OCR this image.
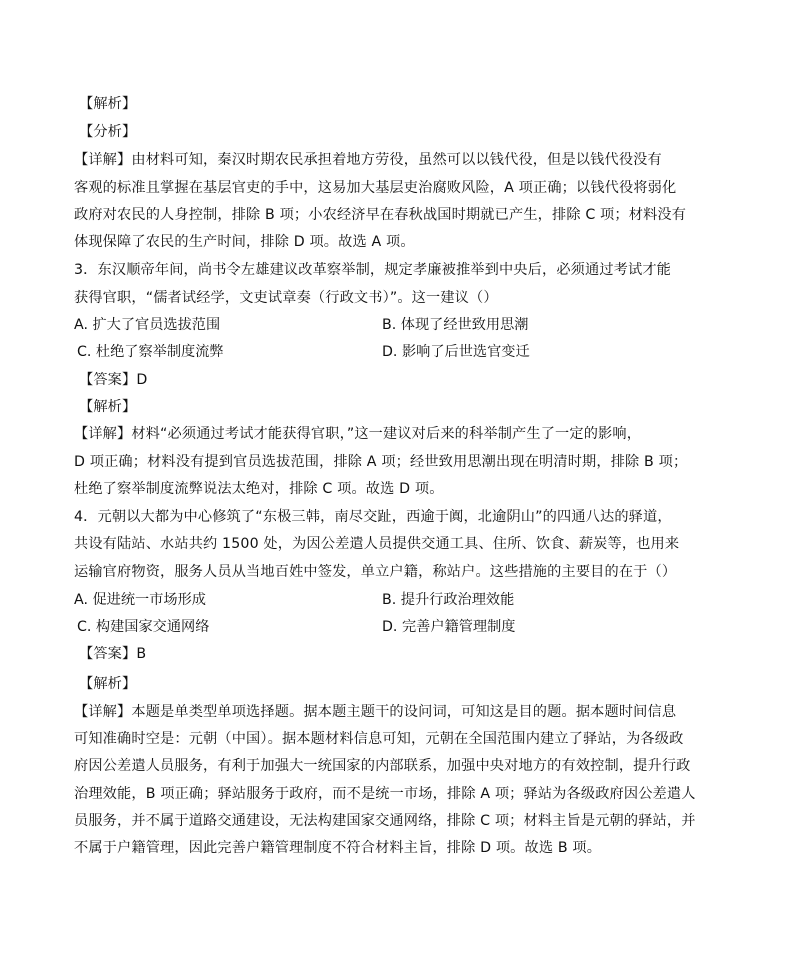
【解析】
【分析】
【详解】由材料可知，秦汉时期农民承担着地方劳役，虽然可以以钱代役，但是以钱代役没有
客观的标准且掌握在基层官吏的手中，这易加大基层吏治腐败风险，A 项正确；以钱代役将弱化
政府对农民的人身控制，排除 B 项；小农经济早在春秋战国时期就已产生，排除 C 项；材料没有
体现保障了农民的生产时间，排除 D 项。故选 A 项。
3．东汉顺帝年间，尚书令左雄建议改革察举制，规定孝廉被推举到中央后，必须通过考试才能
获得官职，“儒者试经学，文吏试章奏（行政文书）”。这一建议（）
A. 扩大了官员选拔范围	B. 体现了经世致用思潮
C. 杜绝了察举制度流弊	D. 影响了后世选官变迁
【答案】D
【解析】
【详解】材料“必须通过考试才能获得官职，”这一建议对后来的科举制产生了一定的影响，
D 项正确；材料没有提到官员选拔范围，排除 A 项；经世致用思潮出现在明清时期，排除 B 项；
杜绝了察举制度流弊说法太绝对，排除 C 项。故选 D 项。
4．元朝以大都为中心修筑了“东极三韩，南尽交趾，西逾于阗，北逾阴山”的四通八达的驿道，
共设有陆站、水站共约 1500 处，为因公差遣人员提供交通工具、住所、饮食、薪炭等，也用来
运输官府物资，服务人员从当地百姓中签发，单立户籍，称站户。这些措施的主要目的在于（）
A. 促进统一市场形成	B. 提升行政治理效能
C. 构建国家交通网络	D. 完善户籍管理制度
【答案】B
【解析】
【详解】本题是单类型单项选择题。据本题主题干的设问词，可知这是目的题。据本题时间信息
可知准确时空是：元朝（中国）。据本题材料信息可知，元朝在全国范围内建立了驿站，为各级政
府因公差遣人员服务，有利于加强大一统国家的内部联系，加强中央对地方的有效控制，提升行政
治理效能，B 项正确；驿站服务于政府，而不是统一市场，排除 A 项；驿站为各级政府因公差遣人
员服务，并不属于道路交通建设，无法构建国家交通网络，排除 C 项；材料主旨是元朝的驿站，并
不属于户籍管理，因此完善户籍管理制度不符合材料主旨，排除 D 项。故选 B 项。
